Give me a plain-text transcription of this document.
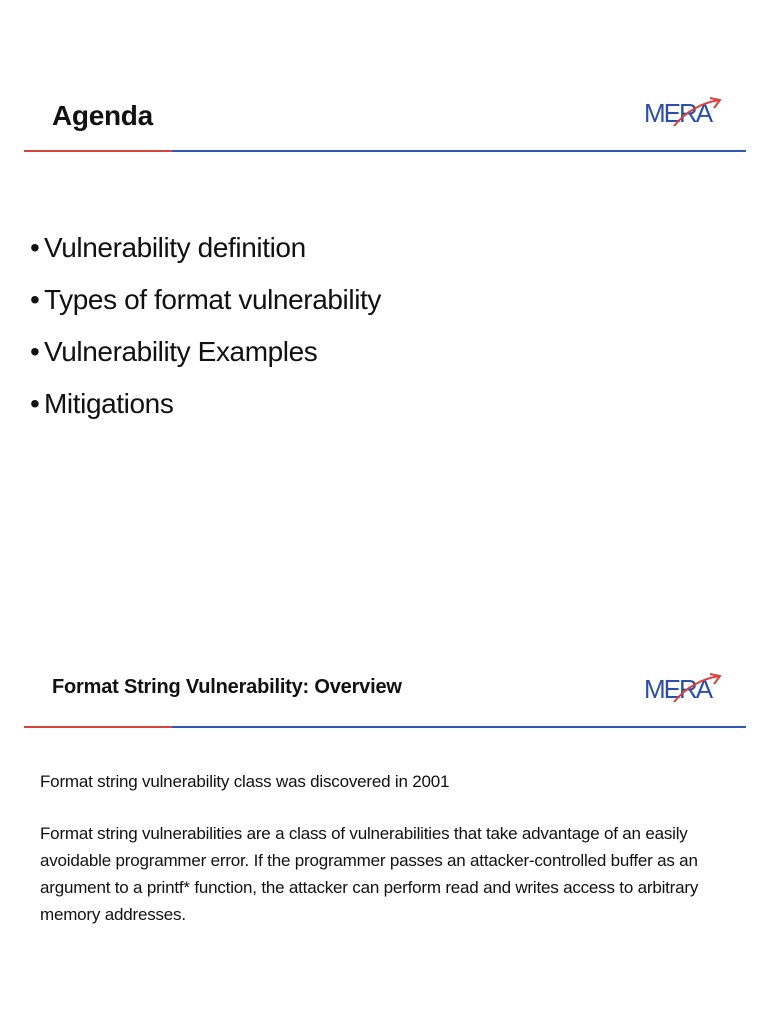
Agenda	MERA
• Vulnerability definition
• Types of format vulnerability
• Vulnerability Examples
• Mitigations
Format String Vulnerability: Overview	MERA

Format string vulnerability class was discovered in 2001

Format string vulnerabilities are a class of vulnerabilities that take advantage of an easily avoidable programmer error. If the programmer passes an attacker-controlled buffer as an argument to a printf* function, the attacker can perform read and writes access to arbitrary memory addresses.
